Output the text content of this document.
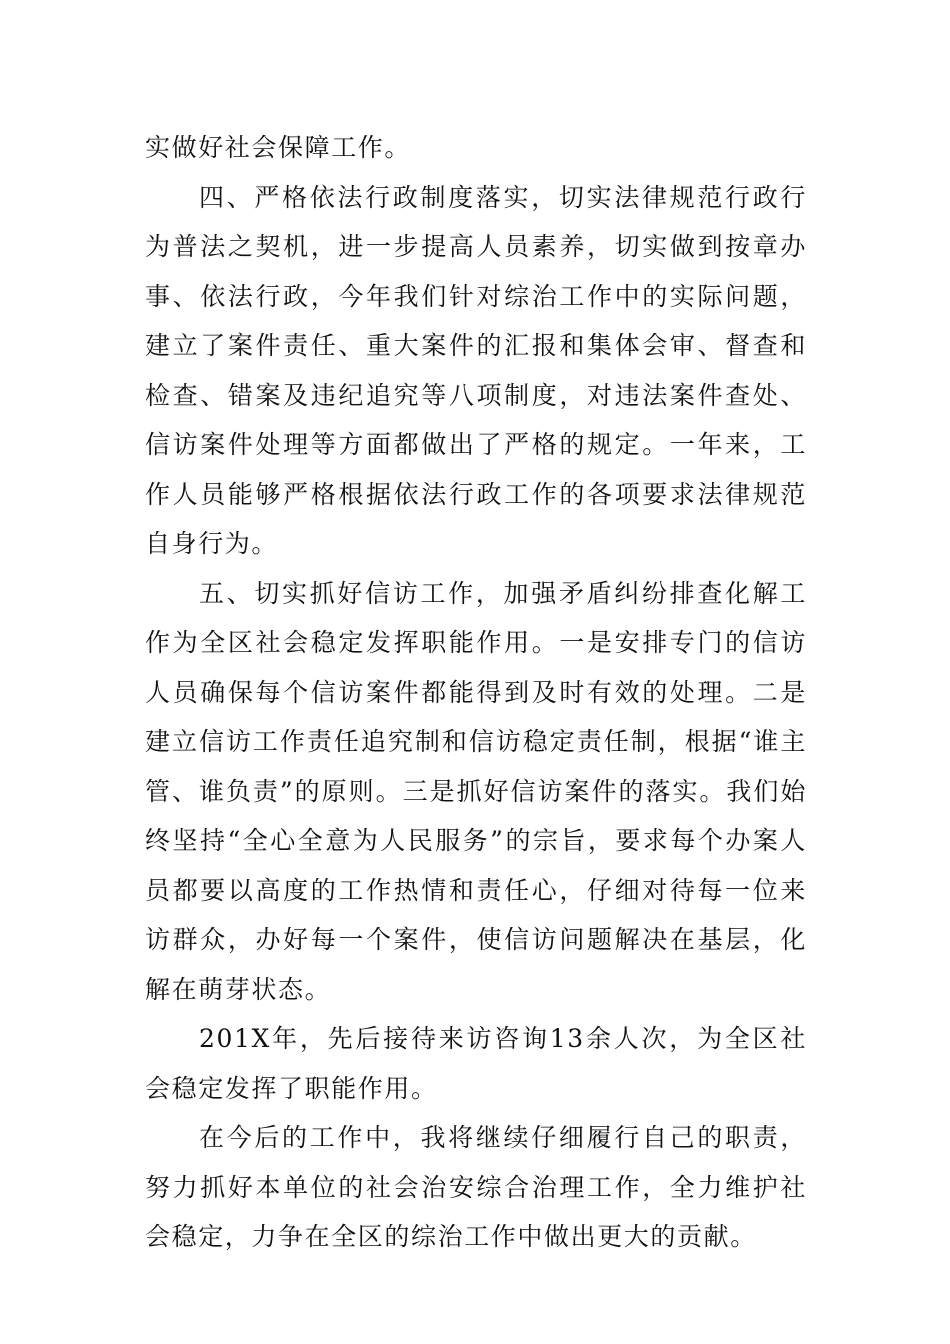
实做好社会保障工作。

四、严格依法行政制度落实，切实法律规范行政行为普法之契机，进一步提高人员素养，切实做到按章办事、依法行政，今年我们针对综治工作中的实际问题，建立了案件责任、重大案件的汇报和集体会审、督查和检查、错案及违纪追究等八项制度，对违法案件查处、信访案件处理等方面都做出了严格的规定。一年来，工作人员能够严格根据依法行政工作的各项要求法律规范自身行为。

五、切实抓好信访工作，加强矛盾纠纷排查化解工作为全区社会稳定发挥职能作用。一是安排专门的信访人员确保每个信访案件都能得到及时有效的处理。二是建立信访工作责任追究制和信访稳定责任制，根据“谁主管、谁负责”的原则。三是抓好信访案件的落实。我们始终坚持“全心全意为人民服务”的宗旨，要求每个办案人员都要以高度的工作热情和责任心，仔细对待每一位来访群众，办好每一个案件，使信访问题解决在基层，化解在萌芽状态。

201X年，先后接待来访咨询13余人次，为全区社会稳定发挥了职能作用。

在今后的工作中，我将继续仔细履行自己的职责，努力抓好本单位的社会治安综合治理工作，全力维护社会稳定，力争在全区的综治工作中做出更大的贡献。
